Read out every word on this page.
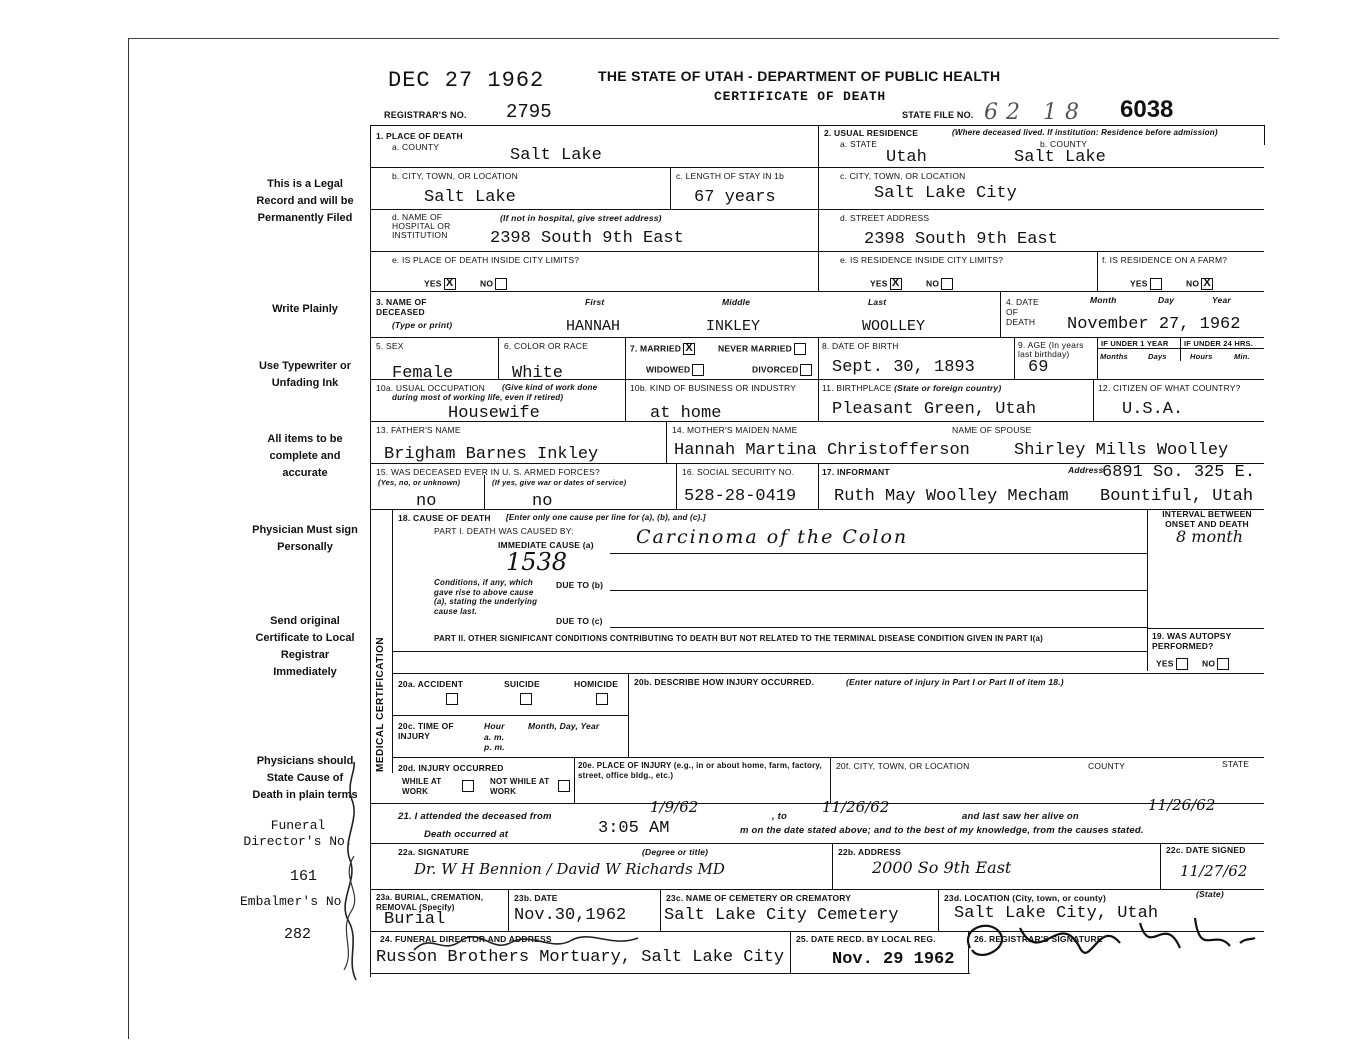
This is a Legal Record and will be Permanently Filed
Write Plainly
Use Typewriter or Unfading Ink
All items to be complete and accurate
Physician Must sign Personally
Send original Certificate to Local Registrar Immediately
Physicians should State Cause of Death in plain terms
Funeral Director's No.
161
Embalmer's No.
282
DEC 27 1962
REGISTRAR'S NO. 2795
THE STATE OF UTAH - DEPARTMENT OF PUBLIC HEALTH
CERTIFICATE OF DEATH
STATE FILE NO. 62 18 6038
1. PLACE OF DEATH
a. COUNTY	Salt Lake
b. CITY, TOWN, OR LOCATION
Salt Lake
c. LENGTH OF STAY IN 1b
67 years
d. NAME OF HOSPITAL OR INSTITUTION
(If not in hospital, give street address)
2398 South 9th East
e. IS PLACE OF DEATH INSIDE CITY LIMITS?
YES X	NO
2. USUAL RESIDENCE	(Where deceased lived. If institution: Residence before admission)
a. STATE	b. COUNTY
Utah	Salt Lake
c. CITY, TOWN, OR LOCATION
Salt Lake City
d. STREET ADDRESS
2398 South 9th East
e. IS RESIDENCE INSIDE CITY LIMITS?
YES X	NO
f. IS RESIDENCE ON A FARM?
YES	NO X
3. NAME OF DECEASED
(Type or print)
First	Middle	Last
HANNAH	INKLEY	WOOLLEY
4. DATE OF DEATH
Month	Day	Year
November 27, 1962
5. SEX
Female
6. COLOR OR RACE
White
7. MARRIED X	NEVER MARRIED
WIDOWED	DIVORCED
8. DATE OF BIRTH
Sept. 30, 1893
9. AGE (In years last birthday)
69
IF UNDER 1 YEAR IF UNDER 24 HRS.
Months	Days	Hours	Min.
10a. USUAL OCCUPATION	(Give kind of work done during most of working life, even if retired)
Housewife
10b. KIND OF BUSINESS OR INDUSTRY
at home
11. BIRTHPLACE (State or foreign country)
Pleasant Green, Utah
12. CITIZEN OF WHAT COUNTRY?
U.S.A.
13. FATHER'S NAME
Brigham Barnes Inkley
14. MOTHER'S MAIDEN NAME
Hannah Martina Christofferson
NAME OF SPOUSE
Shirley Mills Woolley
15. WAS DECEASED EVER IN U. S. ARMED FORCES?
(Yes, no, or unknown)	(If yes, give war or dates of service)
no	no
16. SOCIAL SECURITY NO.
528-28-0419
17. INFORMANT	Address
Ruth May Woolley Mecham
6891 So. 325 E.
Bountiful, Utah
MEDICAL CERTIFICATION
18. CAUSE OF DEATH [Enter only one cause per line for (a), (b), and (c).]
PART I. DEATH WAS CAUSED BY:
IMMEDIATE CAUSE (a) Carcinoma of the Colon
1538
Conditions, if any, which gave rise to above cause (a), stating the underlying cause last.
DUE TO (b)
DUE TO (c)
INTERVAL BETWEEN ONSET AND DEATH
8 month
PART II. OTHER SIGNIFICANT CONDITIONS CONTRIBUTING TO DEATH BUT NOT RELATED TO THE TERMINAL DISEASE CONDITION GIVEN IN PART I(a)	19. WAS AUTOPSY PERFORMED?
YES	NO
20a. ACCIDENT	SUICIDE	HOMICIDE 20b. DESCRIBE HOW INJURY OCCURRED.	(Enter nature of injury in Part I or Part II of item 18.)
20c. TIME OF INJURY
Hour a. m. p. m.
Month, Day, Year
20d. INJURY OCCURRED
WHILE AT WORK
NOT WHILE AT WORK
20e. PLACE OF INJURY (e.g., in or about home, farm, factory, street, office bldg., etc.)
20f. CITY, TOWN, OR LOCATION	COUNTY	STATE
21. I attended the deceased from
1/9/62
, to
11/26/62
and last saw her alive on
11/26/62
Death occurred at	3:05 AM	m on the date stated above; and to the best of my knowledge, from the causes stated.
22a. SIGNATURE	(Degree or title)
Dr. W H Bennion / David W Richards MD
22b. ADDRESS
2000 So 9th East
22c. DATE SIGNED
11/27/62
23a. BURIAL, CREMATION, REMOVAL (Specify)
Burial
23b. DATE
Nov.30,1962
23c. NAME OF CEMETERY OR CREMATORY
Salt Lake City Cemetery
23d. LOCATION (City, town, or county)	(State)
Salt Lake City, Utah
24. FUNERAL DIRECTOR AND ADDRESS
Russon Brothers Mortuary, Salt Lake City
25. DATE RECD. BY LOCAL REG.
Nov. 29 1962
26. REGISTRAR'S SIGNATURE
